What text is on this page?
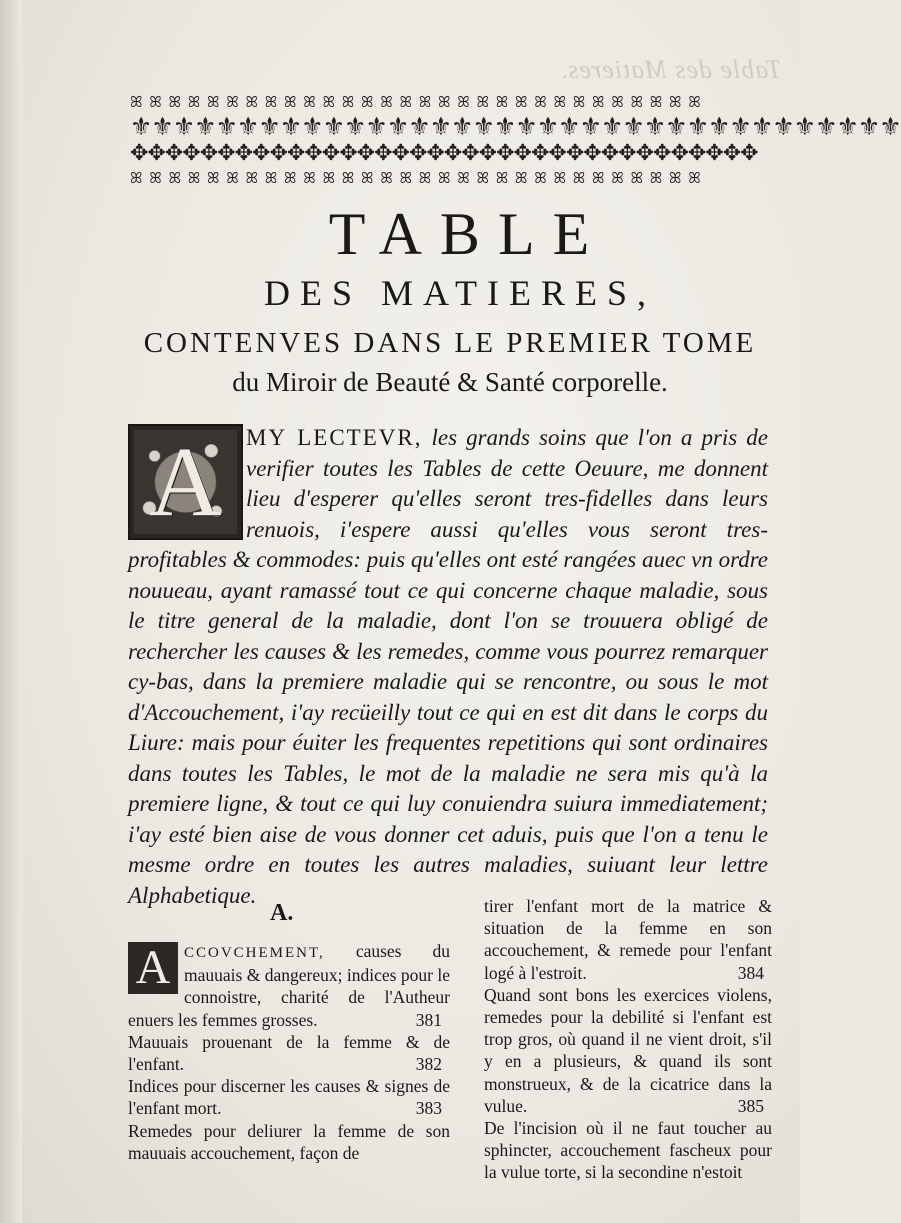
Table des Matieres.
ꕤ ꕤ ꕤ ꕤ ꕤ ꕤ ꕤ ꕤ ꕤ ꕤ ꕤ ꕤ ꕤ ꕤ ꕤ ꕤ ꕤ ꕤ ꕤ ꕤ ꕤ ꕤ ꕤ ꕤ ꕤ ꕤ ꕤ ꕤ ꕤ ꕤ
⚜⚜⚜⚜⚜⚜⚜⚜⚜⚜⚜⚜⚜⚜⚜⚜⚜⚜⚜⚜⚜⚜⚜⚜⚜⚜⚜⚜⚜⚜⚜⚜⚜⚜⚜⚜
✥✥✥✥✥✥✥✥✥✥✥✥✥✥✥✥✥✥✥✥✥✥✥✥✥✥✥✥✥✥✥✥✥✥✥✥
ꕤ ꕤ ꕤ ꕤ ꕤ ꕤ ꕤ ꕤ ꕤ ꕤ ꕤ ꕤ ꕤ ꕤ ꕤ ꕤ ꕤ ꕤ ꕤ ꕤ ꕤ ꕤ ꕤ ꕤ ꕤ ꕤ ꕤ ꕤ ꕤ ꕤ
TABLE
DES MATIERES,
CONTENVES DANS LE PREMIER TOME
du Miroir de Beauté & Santé corporelle.
A	MY LECTEVR, les grands soins que l'on a pris de verifier toutes les Tables de cette Oeuure, me donnent lieu d'esperer qu'elles seront tres-fidelles dans leurs renuois, i'espere aussi qu'elles vous seront tres-profitables & commodes: puis qu'elles ont esté rangées auec vn ordre nouueau, ayant ramassé tout ce qui concerne chaque maladie, sous le titre general de la maladie, dont l'on se trouuera obligé de rechercher les causes & les remedes, comme vous pourrez remarquer cy-bas, dans la premiere maladie qui se rencontre, ou sous le mot d'Accouchement, i'ay recüeilly tout ce qui en est dit dans le corps du Liure: mais pour éuiter les frequentes repetitions qui sont ordinaires dans toutes les Tables, le mot de la maladie ne sera mis qu'à la premiere ligne, & tout ce qui luy conuiendra suiura immediatement; i'ay esté bien aise de vous donner cet aduis, puis que l'on a tenu le mesme ordre en toutes les autres maladies, suiuant leur lettre Alphabetique.

A.
A CCOVCHEMENT, causes du mauuais & dangereux; indices pour le connoistre, charité de l'Autheur enuers les femmes grosses.	381
Mauuais prouenant de la femme & de l'enfant.	382
Indices pour discerner les causes & signes de l'enfant mort.	383
Remedes pour deliurer la femme de son mauuais accouchement, façon de
tirer l'enfant mort de la matrice & situation de la femme en son accouchement, & remede pour l'enfant logé à l'estroit.	384
Quand sont bons les exercices violens, remedes pour la debilité si l'enfant est trop gros, où quand il ne vient droit, s'il y en a plusieurs, & quand ils sont monstrueux, & de la cicatrice dans la vulue.	385
De l'incision où il ne faut toucher au sphincter, accouchement fascheux pour la vulue torte, si la secondine n'estoit
